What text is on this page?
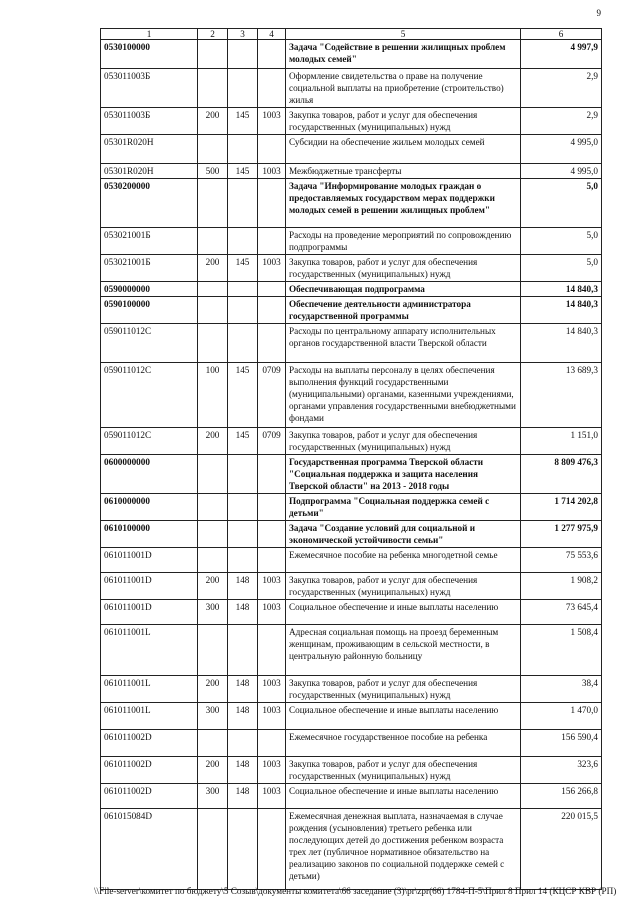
9
1	2	3	4	5	6
0530100000				Задача "Содействие в решении жилищных проблем молодых семей"	4 997,9
053011003Б				Оформление свидетельства о праве на получение социальной выплаты на приобретение (строительство) жилья	2,9
053011003Б	200	145	1003	Закупка товаров, работ и услуг для обеспечения государственных (муниципальных) нужд	2,9
05301R020H				Субсидии на обеспечение жильем молодых семей	4 995,0
05301R020H	500	145	1003	Межбюджетные трансферты	4 995,0
0530200000				Задача "Информирование молодых граждан о предоставляемых государством мерах поддержки молодых семей в решении жилищных проблем"	5,0
053021001Б				Расходы на проведение мероприятий по сопровождению подпрограммы	5,0
053021001Б	200	145	1003	Закупка товаров, работ и услуг для обеспечения государственных (муниципальных) нужд	5,0
0590000000				Обеспечивающая подпрограмма	14 840,3
0590100000				Обеспечение деятельности администратора государственной программы	14 840,3
059011012С				Расходы по центральному аппарату исполнительных органов государственной власти Тверской области	14 840,3
059011012С	100	145	0709	Расходы на выплаты персоналу в целях обеспечения выполнения функций государственными (муниципальными) органами, казенными учреждениями, органами управления государственными внебюджетными фондами	13 689,3
059011012С	200	145	0709	Закупка товаров, работ и услуг для обеспечения государственных (муниципальных) нужд	1 151,0
0600000000				Государственная программа Тверской области "Социальная поддержка и защита населения Тверской области" на 2013 - 2018 годы	8 809 476,3
0610000000				Подпрограмма "Социальная поддержка семей с детьми"	1 714 202,8
0610100000				Задача "Создание условий для социальной и экономической устойчивости семьи"	1 277 975,9
061011001D				Ежемесячное пособие на ребенка многодетной семье	75 553,6
061011001D	200	148	1003	Закупка товаров, работ и услуг для обеспечения государственных (муниципальных) нужд	1 908,2
061011001D	300	148	1003	Социальное обеспечение и иные выплаты населению	73 645,4
061011001L				Адресная социальная помощь на проезд беременным женщинам, проживающим в сельской местности, в центральную районную больницу	1 508,4
061011001L	200	148	1003	Закупка товаров, работ и услуг для обеспечения государственных (муниципальных) нужд	38,4
061011001L	300	148	1003	Социальное обеспечение и иные выплаты населению	1 470,0
061011002D				Ежемесячное государственное пособие на ребенка	156 590,4
061011002D	200	148	1003	Закупка товаров, работ и услуг для обеспечения государственных (муниципальных) нужд	323,6
061011002D	300	148	1003	Социальное обеспечение и иные выплаты населению	156 266,8
061015084D				Ежемесячная денежная выплата, назначаемая в случае рождения (усыновления) третьего ребенка или последующих детей до достижения ребенком возраста трех лет (публичное нормативное обязательство на реализацию законов по социальной поддержке семей с детьми)	220 015,5
\\File-server\комитет по бюджету\5 Созыв\документы комитета\66 заседание (3)\pr\zpr(66) 1784-П-5\Прил 8 Прил 14 (КЦСР КВР (РП)
